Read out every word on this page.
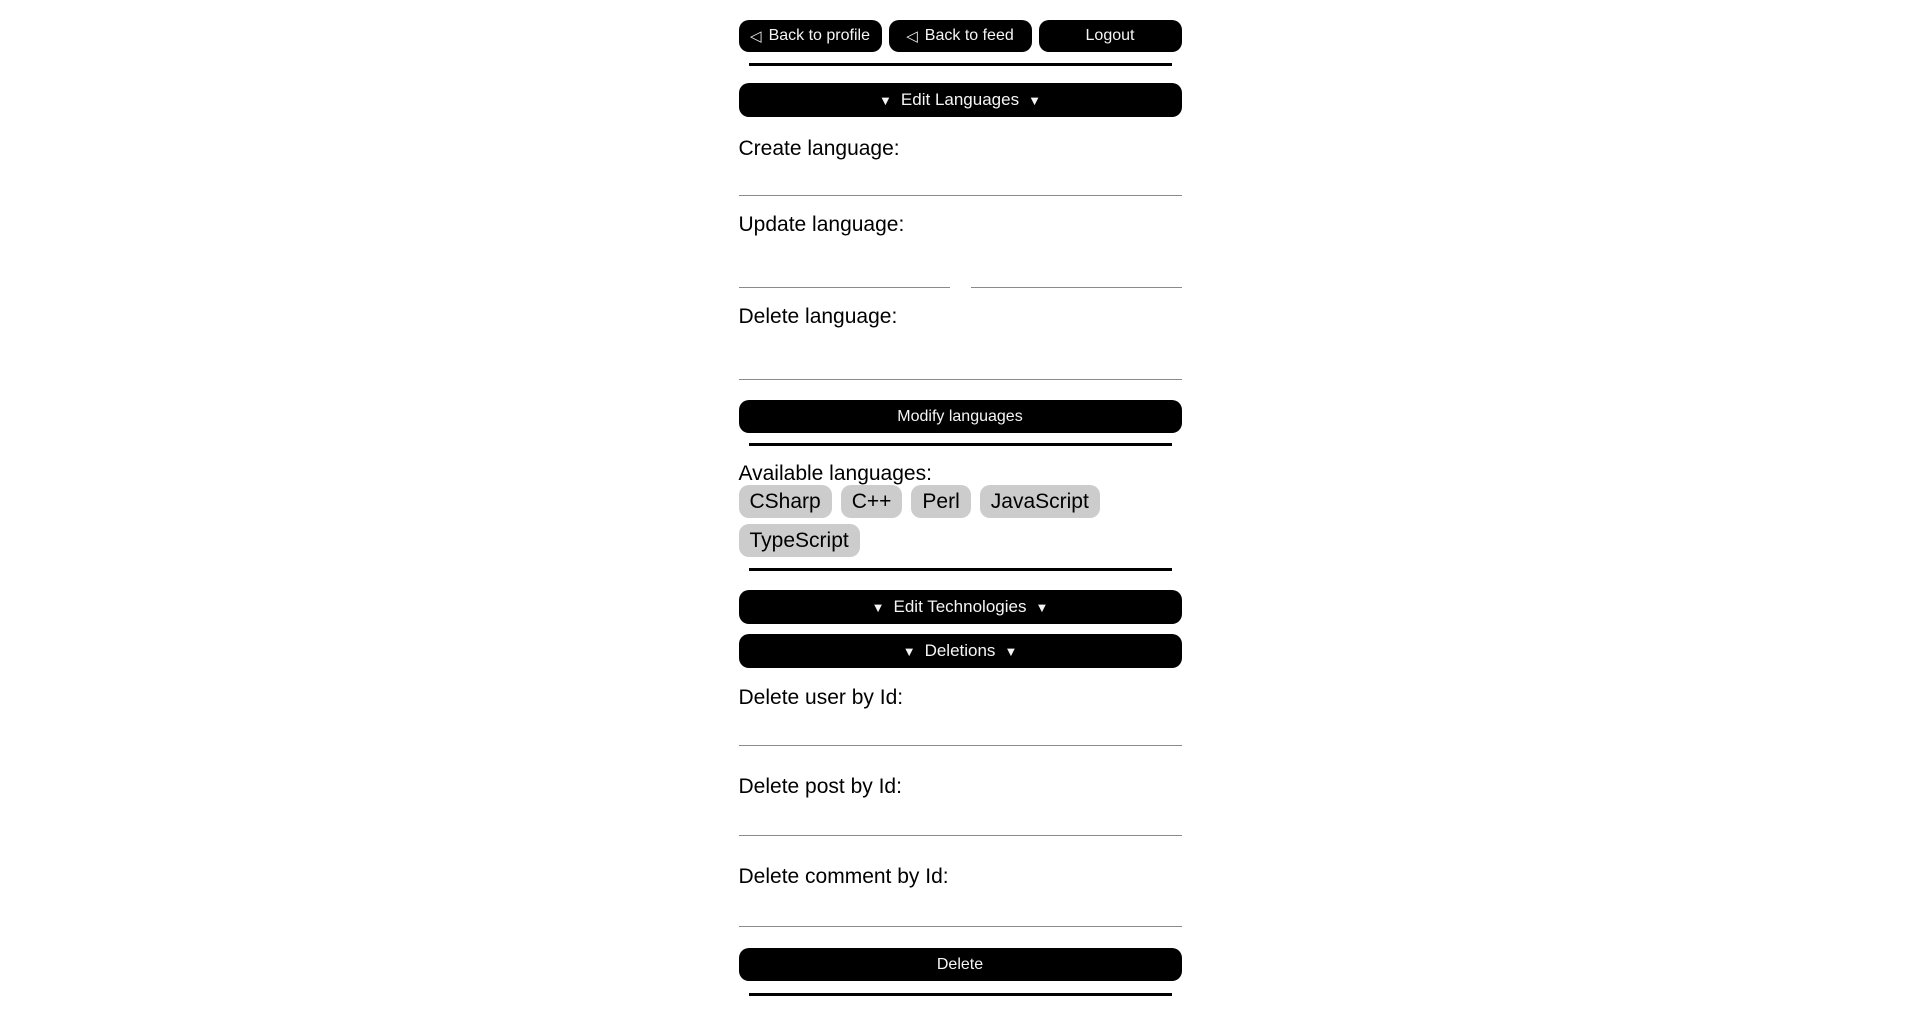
◁ Back to profile ◁ Back to feed	Logout
▼ Edit Languages ▼
Create language:
Update language:
Delete language:
Modify languages
Available languages:
CSharp	C++	Perl	JavaScript
TypeScript
▼ Edit Technologies ▼
▼ Deletions ▼
Delete user by Id:
Delete post by Id:
Delete comment by Id:
Delete
